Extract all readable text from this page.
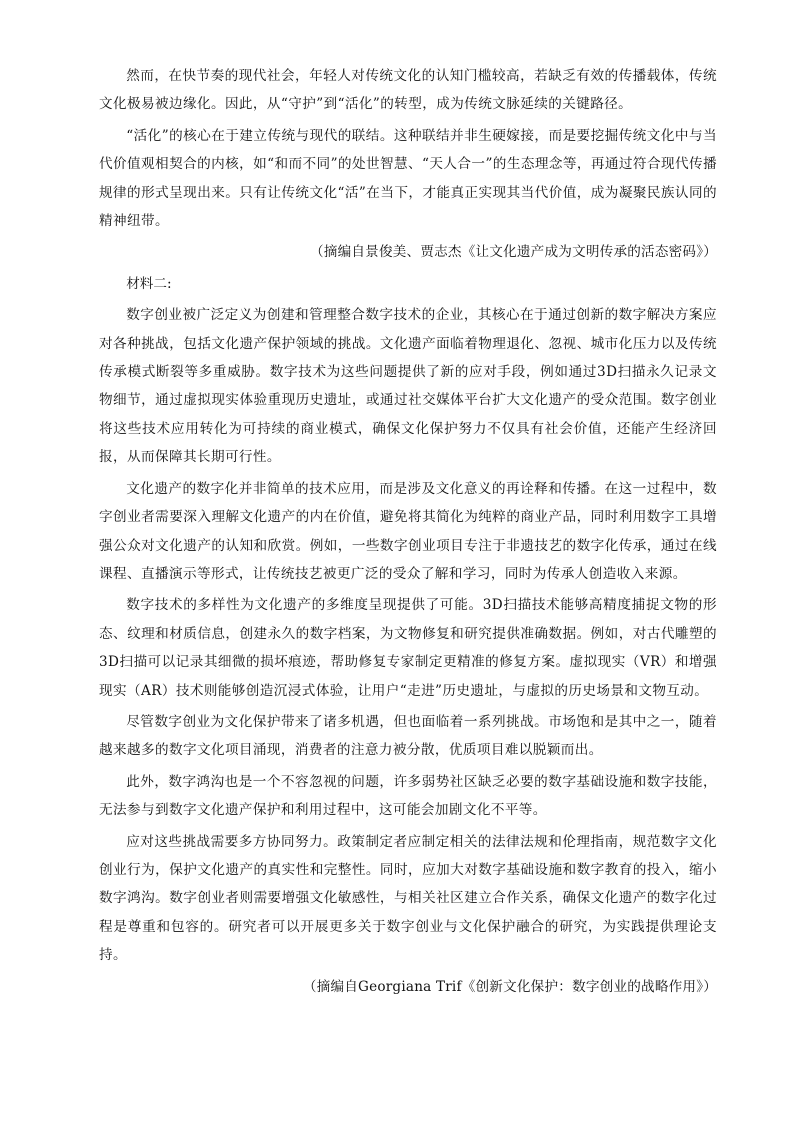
然而，在快节奏的现代社会，年轻人对传统文化的认知门槛较高，若缺乏有效的传播载体，传统文化极易被边缘化。因此，从“守护”到“活化”的转型，成为传统文脉延续的关键路径。

“活化”的核心在于建立传统与现代的联结。这种联结并非生硬嫁接，而是要挖掘传统文化中与当代价值观相契合的内核，如“和而不同”的处世智慧、“天人合一”的生态理念等，再通过符合现代传播规律的形式呈现出来。只有让传统文化“活”在当下，才能真正实现其当代价值，成为凝聚民族认同的精神纽带。

（摘编自景俊美、贾志杰《让文化遗产成为文明传承的活态密码》）

材料二:

数字创业被广泛定义为创建和管理整合数字技术的企业，其核心在于通过创新的数字解决方案应对各种挑战，包括文化遗产保护领域的挑战。文化遗产面临着物理退化、忽视、城市化压力以及传统传承模式断裂等多重威胁。数字技术为这些问题提供了新的应对手段，例如通过3D扫描永久记录文物细节，通过虚拟现实体验重现历史遗址，或通过社交媒体平台扩大文化遗产的受众范围。数字创业将这些技术应用转化为可持续的商业模式，确保文化保护努力不仅具有社会价值，还能产生经济回报，从而保障其长期可行性。

文化遗产的数字化并非简单的技术应用，而是涉及文化意义的再诠释和传播。在这一过程中，数字创业者需要深入理解文化遗产的内在价值，避免将其简化为纯粹的商业产品，同时利用数字工具增强公众对文化遗产的认知和欣赏。例如，一些数字创业项目专注于非遗技艺的数字化传承，通过在线课程、直播演示等形式，让传统技艺被更广泛的受众了解和学习，同时为传承人创造收入来源。

数字技术的多样性为文化遗产的多维度呈现提供了可能。3D扫描技术能够高精度捕捉文物的形态、纹理和材质信息，创建永久的数字档案，为文物修复和研究提供准确数据。例如，对古代雕塑的3D扫描可以记录其细微的损坏痕迹，帮助修复专家制定更精准的修复方案。虚拟现实（VR）和增强现实（AR）技术则能够创造沉浸式体验，让用户“走进”历史遗址，与虚拟的历史场景和文物互动。

尽管数字创业为文化保护带来了诸多机遇，但也面临着一系列挑战。市场饱和是其中之一，随着越来越多的数字文化项目涌现，消费者的注意力被分散，优质项目难以脱颖而出。

此外，数字鸿沟也是一个不容忽视的问题，许多弱势社区缺乏必要的数字基础设施和数字技能，无法参与到数字文化遗产保护和利用过程中，这可能会加剧文化不平等。

应对这些挑战需要多方协同努力。政策制定者应制定相关的法律法规和伦理指南，规范数字文化创业行为，保护文化遗产的真实性和完整性。同时，应加大对数字基础设施和数字教育的投入，缩小数字鸿沟。数字创业者则需要增强文化敏感性，与相关社区建立合作关系，确保文化遗产的数字化过程是尊重和包容的。研究者可以开展更多关于数字创业与文化保护融合的研究，为实践提供理论支持。

（摘编自Georgiana Trif《创新文化保护：数字创业的战略作用》）
